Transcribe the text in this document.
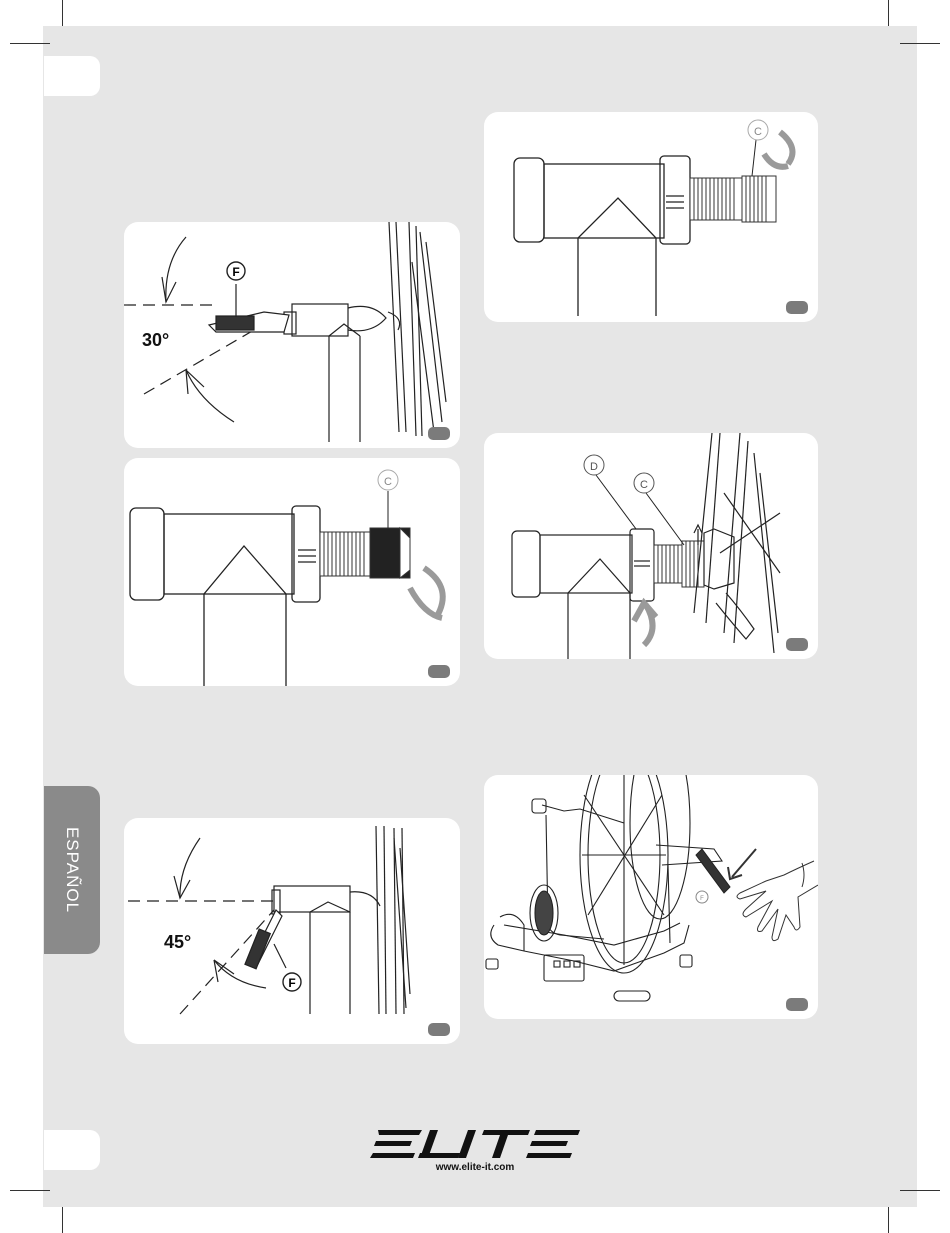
ESPAÑOL
F
30°
C
F
45°
C
D
C
F
www.elite-it.com
